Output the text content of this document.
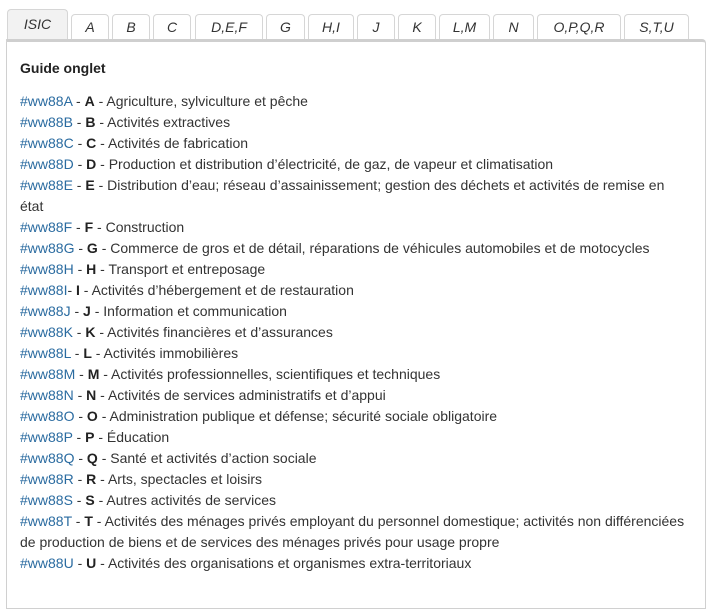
ISIC	A	B	C	D,E,F	G	H,I	J	K	L,M	N	O,P,Q,R	S,T,U
Guide onglet
#ww88A - A - Agriculture, sylviculture et pêche
#ww88B - B - Activités extractives
#ww88C - C - Activités de fabrication
#ww88D - D - Production et distribution d’électricité, de gaz, de vapeur et climatisation
#ww88E - E - Distribution d’eau; réseau d’assainissement; gestion des déchets et activités de remise en état
#ww88F - F - Construction
#ww88G - G - Commerce de gros et de détail, réparations de véhicules automobiles et de motocycles
#ww88H - H - Transport et entreposage
#ww88I- I - Activités d’hébergement et de restauration
#ww88J - J - Information et communication
#ww88K - K - Activités financières et d’assurances
#ww88L - L - Activités immobilières
#ww88M - M - Activités professionnelles, scientifiques et techniques
#ww88N - N - Activités de services administratifs et d’appui
#ww88O - O - Administration publique et défense; sécurité sociale obligatoire
#ww88P - P - Éducation
#ww88Q - Q - Santé et activités d’action sociale
#ww88R - R - Arts, spectacles et loisirs
#ww88S - S - Autres activités de services
#ww88T - T - Activités des ménages privés employant du personnel domestique; activités non différenciées de production de biens et de services des ménages privés pour usage propre
#ww88U - U - Activités des organisations et organismes extra-territoriaux
